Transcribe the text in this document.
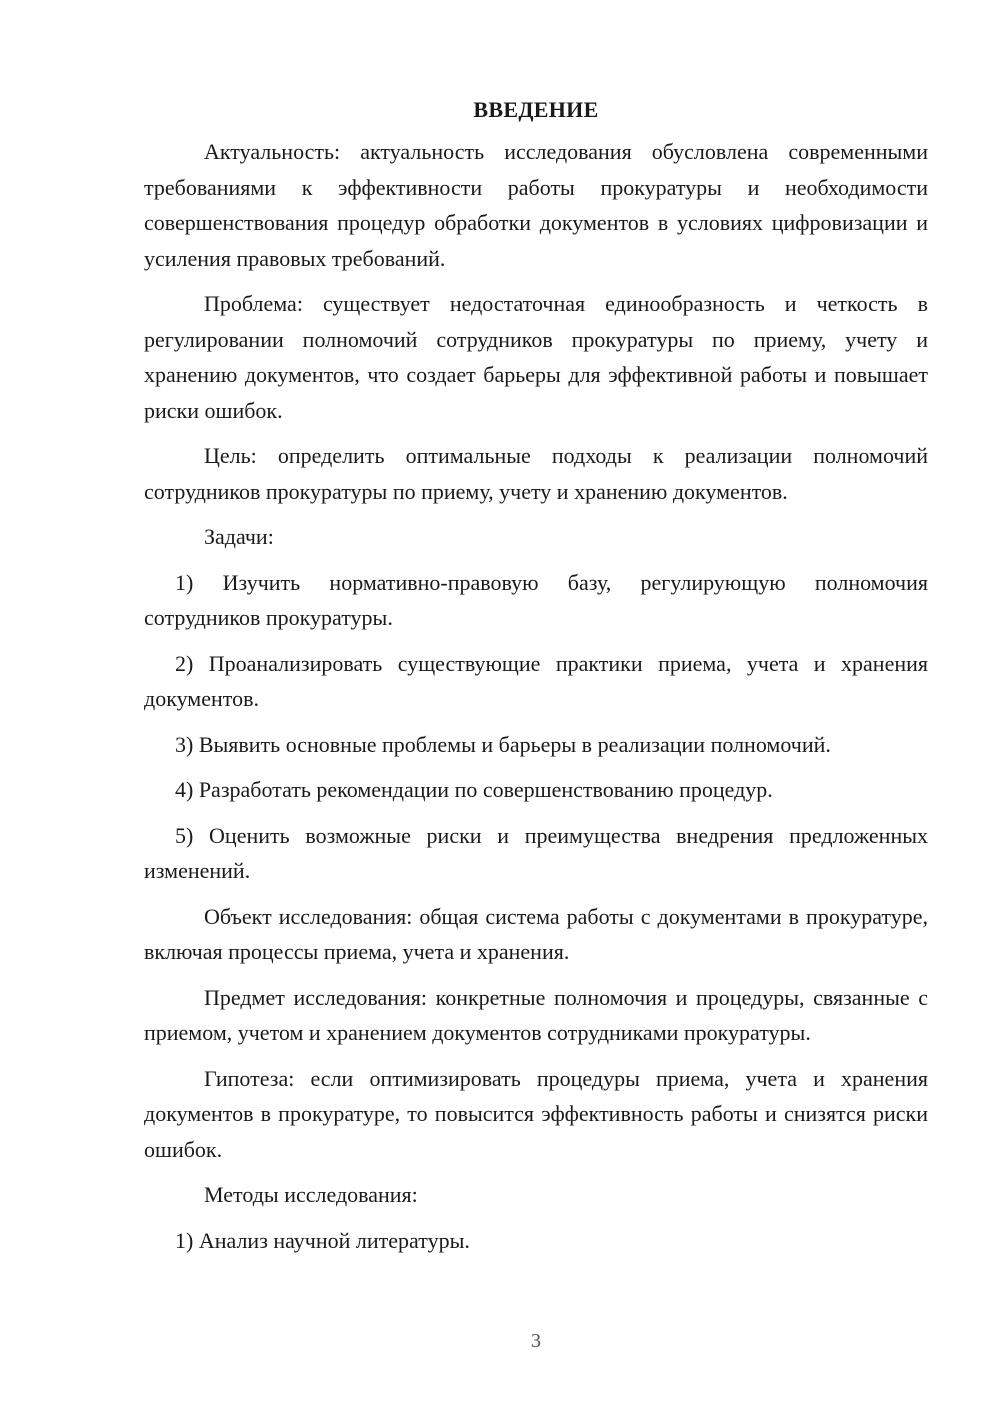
ВВЕДЕНИЕ

Актуальность: актуальность исследования обусловлена современными требованиями к эффективности работы прокуратуры и необходимости совершенствования процедур обработки документов в условиях цифровизации и усиления правовых требований.

Проблема: существует недостаточная единообразность и четкость в регулировании полномочий сотрудников прокуратуры по приему, учету и хранению документов, что создает барьеры для эффективной работы и повышает риски ошибок.

Цель: определить оптимальные подходы к реализации полномочий сотрудников прокуратуры по приему, учету и хранению документов.

Задачи:

1) Изучить нормативно-правовую базу, регулирующую полномочия сотрудников прокуратуры.

2) Проанализировать существующие практики приема, учета и хранения документов.

3) Выявить основные проблемы и барьеры в реализации полномочий.

4) Разработать рекомендации по совершенствованию процедур.

5) Оценить возможные риски и преимущества внедрения предложенных изменений.

Объект исследования: общая система работы с документами в прокуратуре, включая процессы приема, учета и хранения.

Предмет исследования: конкретные полномочия и процедуры, связанные с приемом, учетом и хранением документов сотрудниками прокуратуры.

Гипотеза: если оптимизировать процедуры приема, учета и хранения документов в прокуратуре, то повысится эффективность работы и снизятся риски ошибок.

Методы исследования:

1) Анализ научной литературы.

3
